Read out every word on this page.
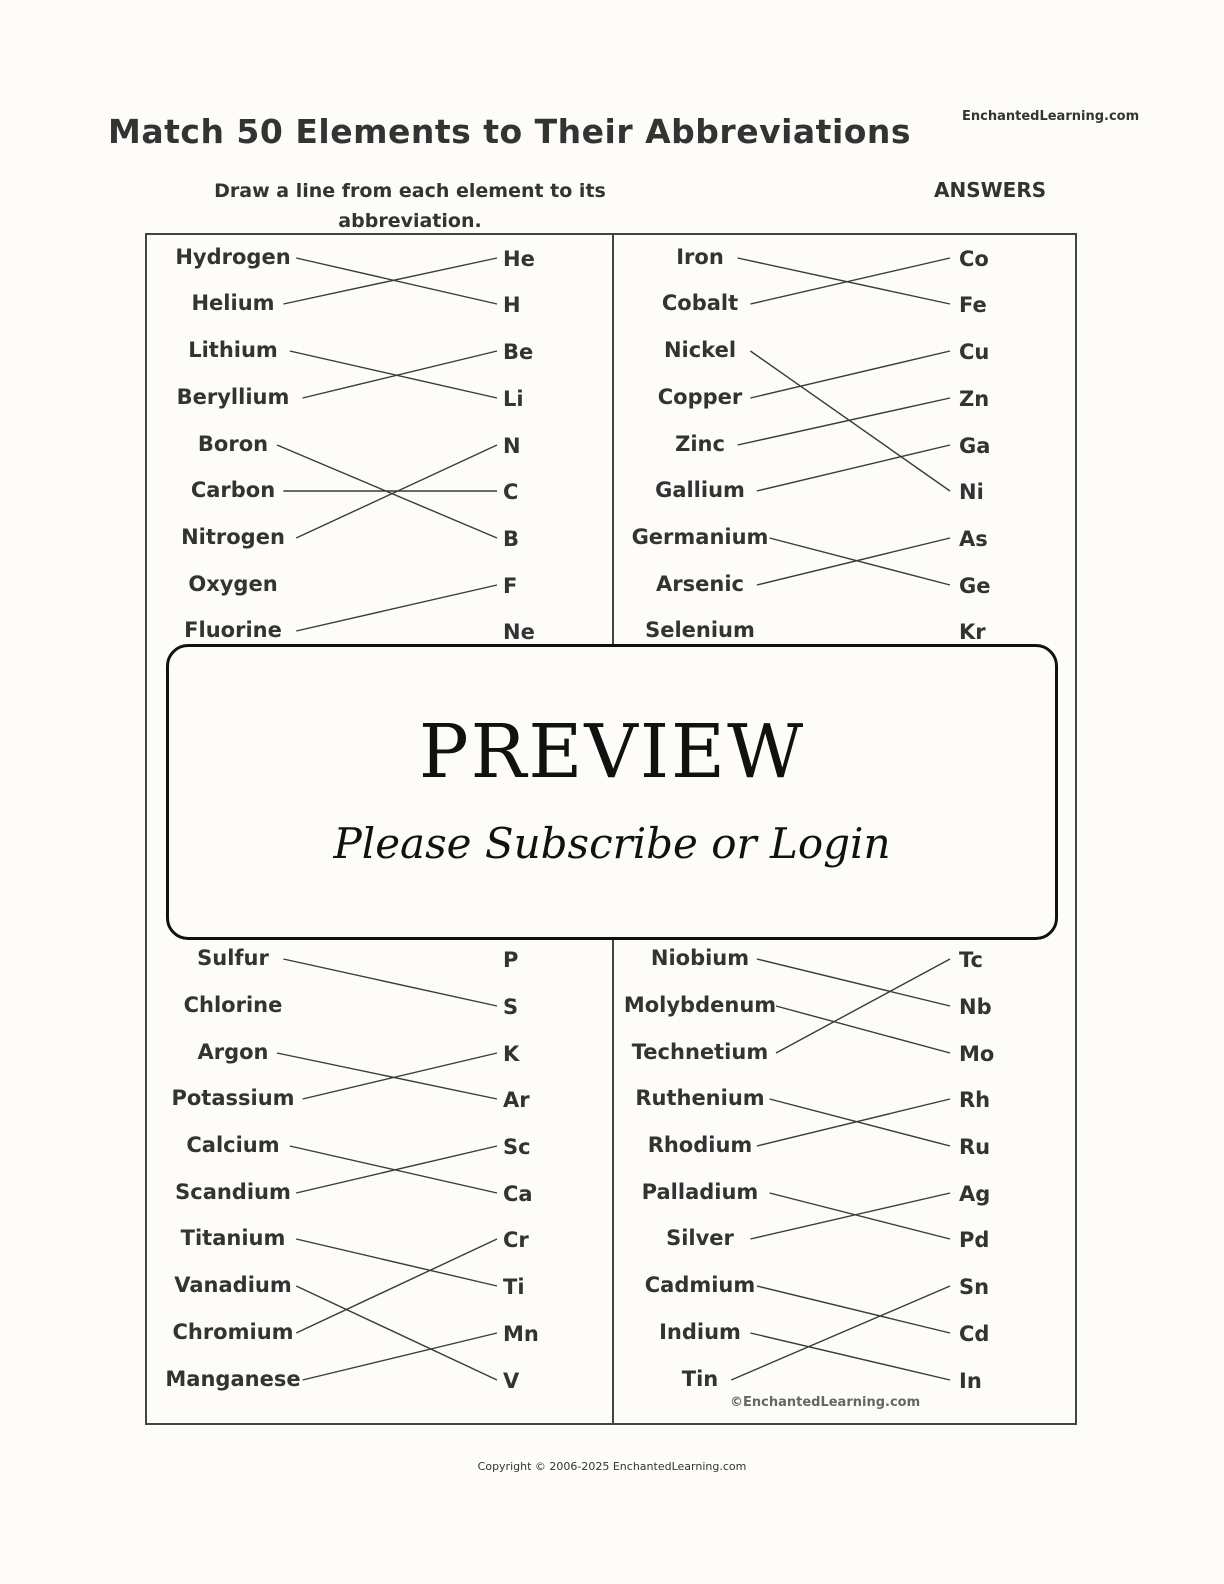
Match 50 Elements to Their Abbreviations	EnchantedLearning.com
Draw a line from each element to its abbreviation.
ANSWERS
Hydrogen
Helium
Lithium
Beryllium
Boron
Carbon
Nitrogen
Oxygen
Fluorine
Sulfur
Chlorine
Argon
Potassium
Calcium
Scandium
Titanium
Vanadium
Chromium
Manganese
He
H
Be
Li
N
C
B
F
Ne
P
S
K
Ar
Sc
Ca
Cr
Ti
Mn
V
Iron
Cobalt
Nickel
Copper
Zinc
Gallium
Germanium
Arsenic
Selenium
Niobium
Molybdenum
Technetium
Ruthenium
Rhodium
Palladium
Silver
Cadmium
Indium
Tin
Co
Fe
Cu
Zn
Ga
Ni
As
Ge
Kr
Tc
Nb
Mo
Rh
Ru
Ag
Pd
Sn
Cd
In
©EnchantedLearning.com
PREVIEW
Please Subscribe or Login
Copyright © 2006-2025 EnchantedLearning.com
